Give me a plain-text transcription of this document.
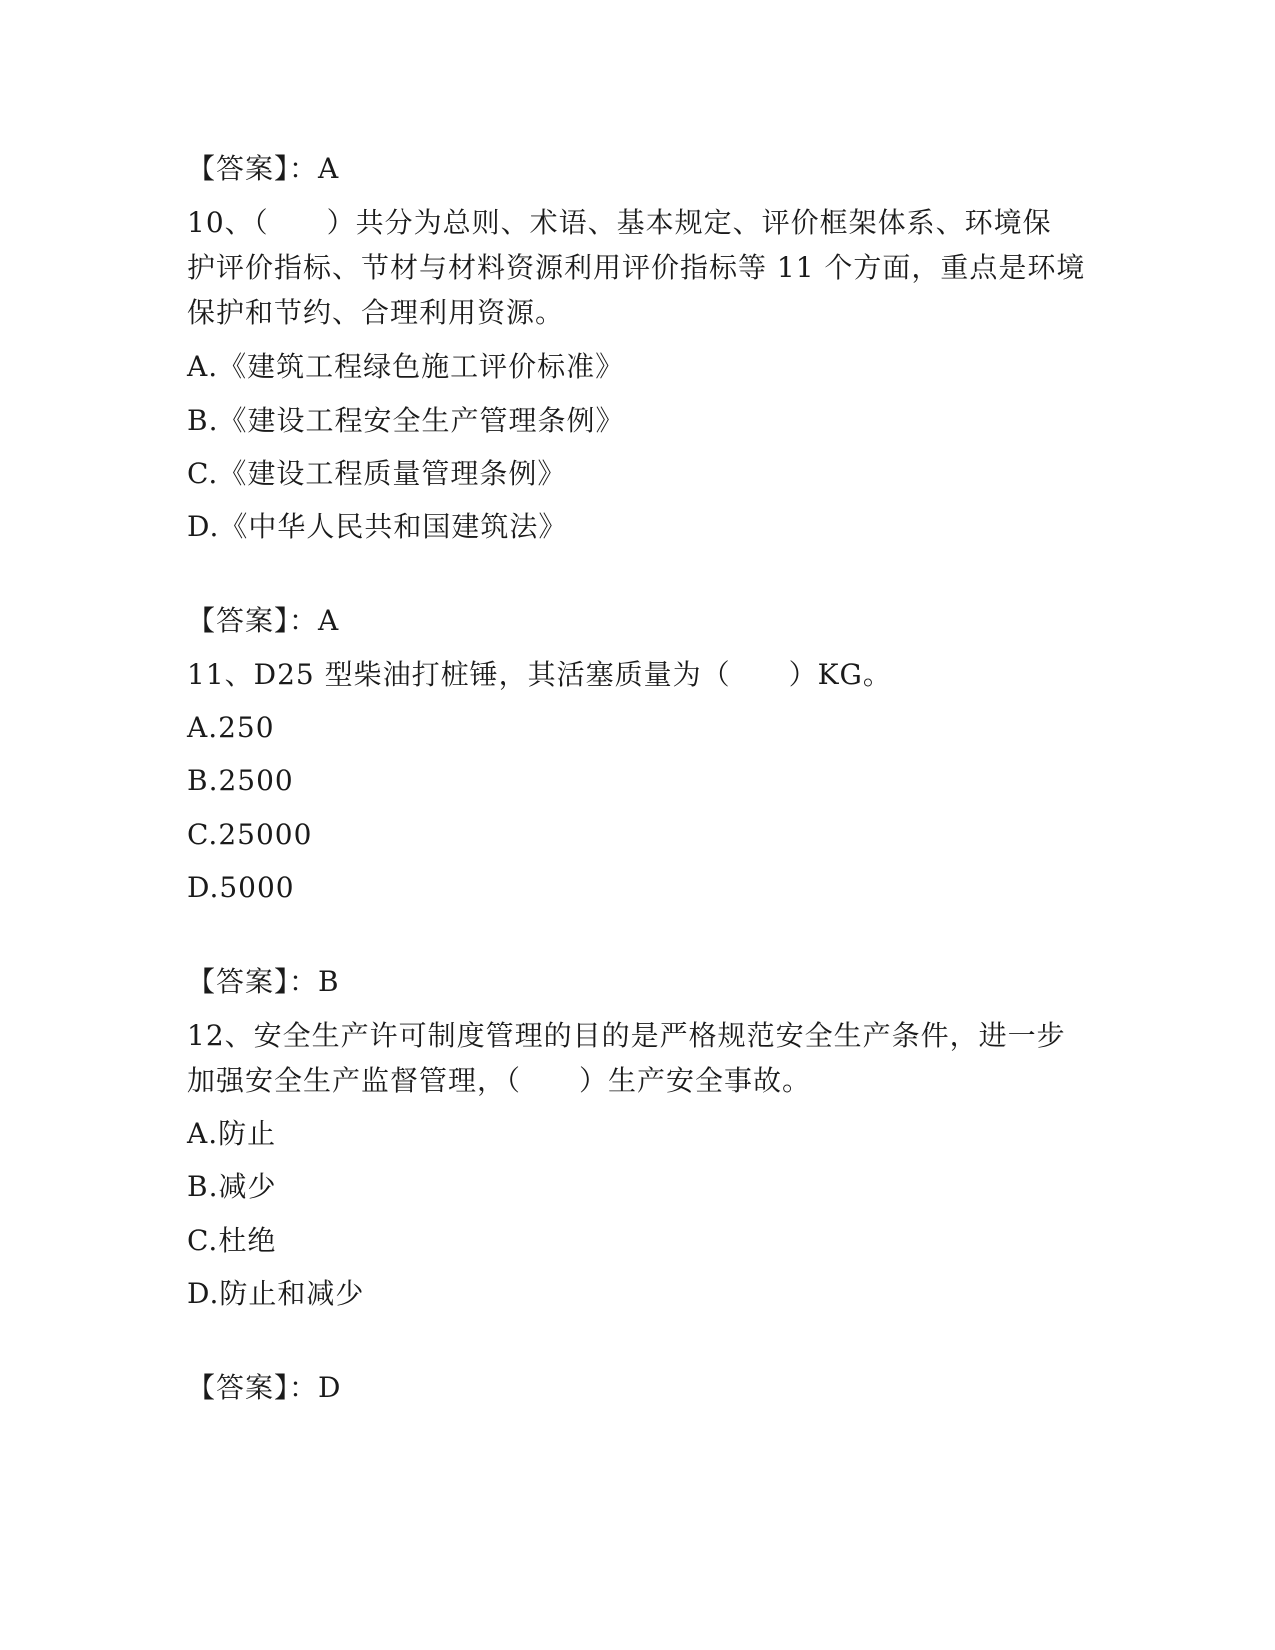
【答案】：A
10、（　　）共分为总则、术语、基本规定、评价框架体系、环境保
护评价指标、节材与材料资源利用评价指标等 11 个方面，重点是环境
保护和节约、合理利用资源。
A.《建筑工程绿色施工评价标准》
B.《建设工程安全生产管理条例》
C.《建设工程质量管理条例》
D.《中华人民共和国建筑法》
【答案】：A
11、D25 型柴油打桩锤，其活塞质量为（　　）KG。
A.250
B.2500
C.25000
D.5000
【答案】：B
12、安全生产许可制度管理的目的是严格规范安全生产条件，进一步
加强安全生产监督管理，（　　）生产安全事故。
A.防止
B.减少
C.杜绝
D.防止和减少
【答案】：D
